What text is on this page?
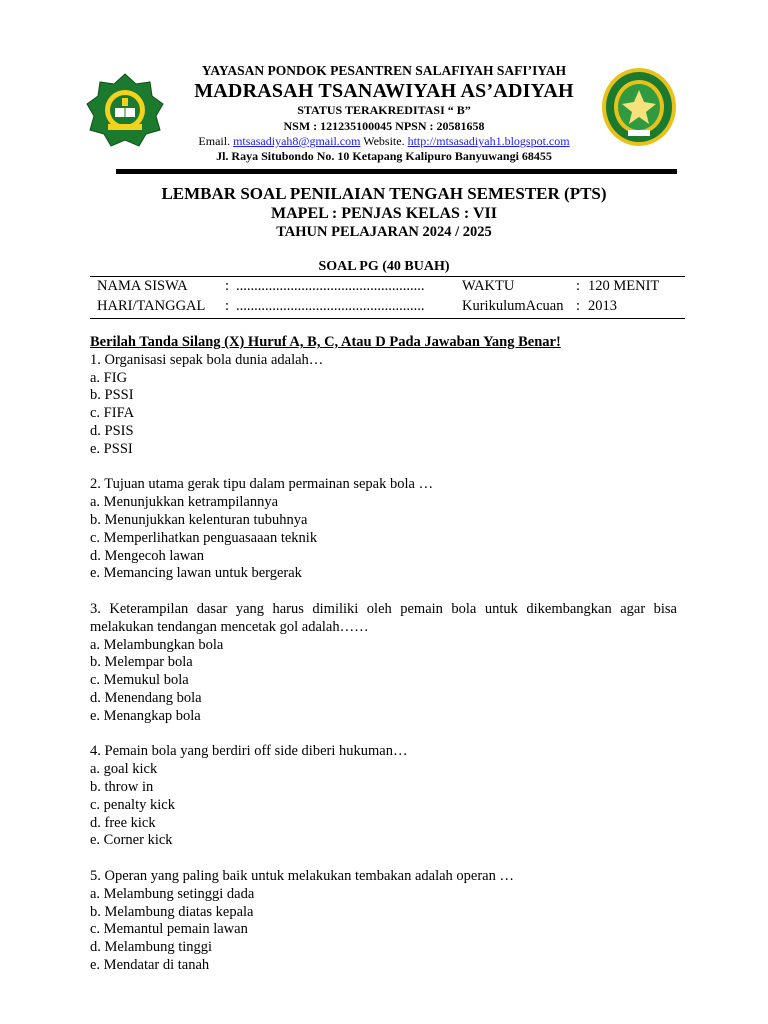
YAYASAN PONDOK PESANTREN SALAFIYAH SAFI’IYAH
MADRASAH TSANAWIYAH AS’ADIYAH
STATUS TERAKREDITASI “ B”
NSM : 121235100045 NPSN : 20581658
Email. mtsasadiyah8@gmail.com Website. http://mtsasadiyah1.blogspot.com
Jl. Raya Situbondo No. 10 Ketapang Kalipuro Banyuwangi 68455
LEMBAR SOAL PENILAIAN TENGAH SEMESTER (PTS)
MAPEL : PENJAS KELAS : VII
TAHUN PELAJARAN 2024 / 2025
SOAL PG (40 BUAH)
NAMA SISWA	: ....................................................	WAKTU	: 120 MENIT
HARI/TANGGAL : ....................................................	KurikulumAcuan : 2013
Berilah Tanda Silang (X) Huruf A, B, C, Atau D Pada Jawaban Yang Benar!
1. Organisasi sepak bola dunia adalah…
a. FIG
b. PSSI
c. FIFA
d. PSIS
e. PSSI
2. Tujuan utama gerak tipu dalam permainan sepak bola …
a. Menunjukkan ketrampilannya
b. Menunjukkan kelenturan tubuhnya
c. Memperlihatkan penguasaaan teknik
d. Mengecoh lawan
e. Memancing lawan untuk bergerak
3. Keterampilan dasar yang harus dimiliki oleh pemain bola untuk dikembangkan agar bisa melakukan tendangan mencetak gol adalah……
a. Melambungkan bola
b. Melempar bola
c. Memukul bola
d. Menendang bola
e. Menangkap bola
4. Pemain bola yang berdiri off side diberi hukuman…
a. goal kick
b. throw in
c. penalty kick
d. free kick
e. Corner kick
5. Operan yang paling baik untuk melakukan tembakan adalah operan …
a. Melambung setinggi dada
b. Melambung diatas kepala
c. Memantul pemain lawan
d. Melambung tinggi
e. Mendatar di tanah
